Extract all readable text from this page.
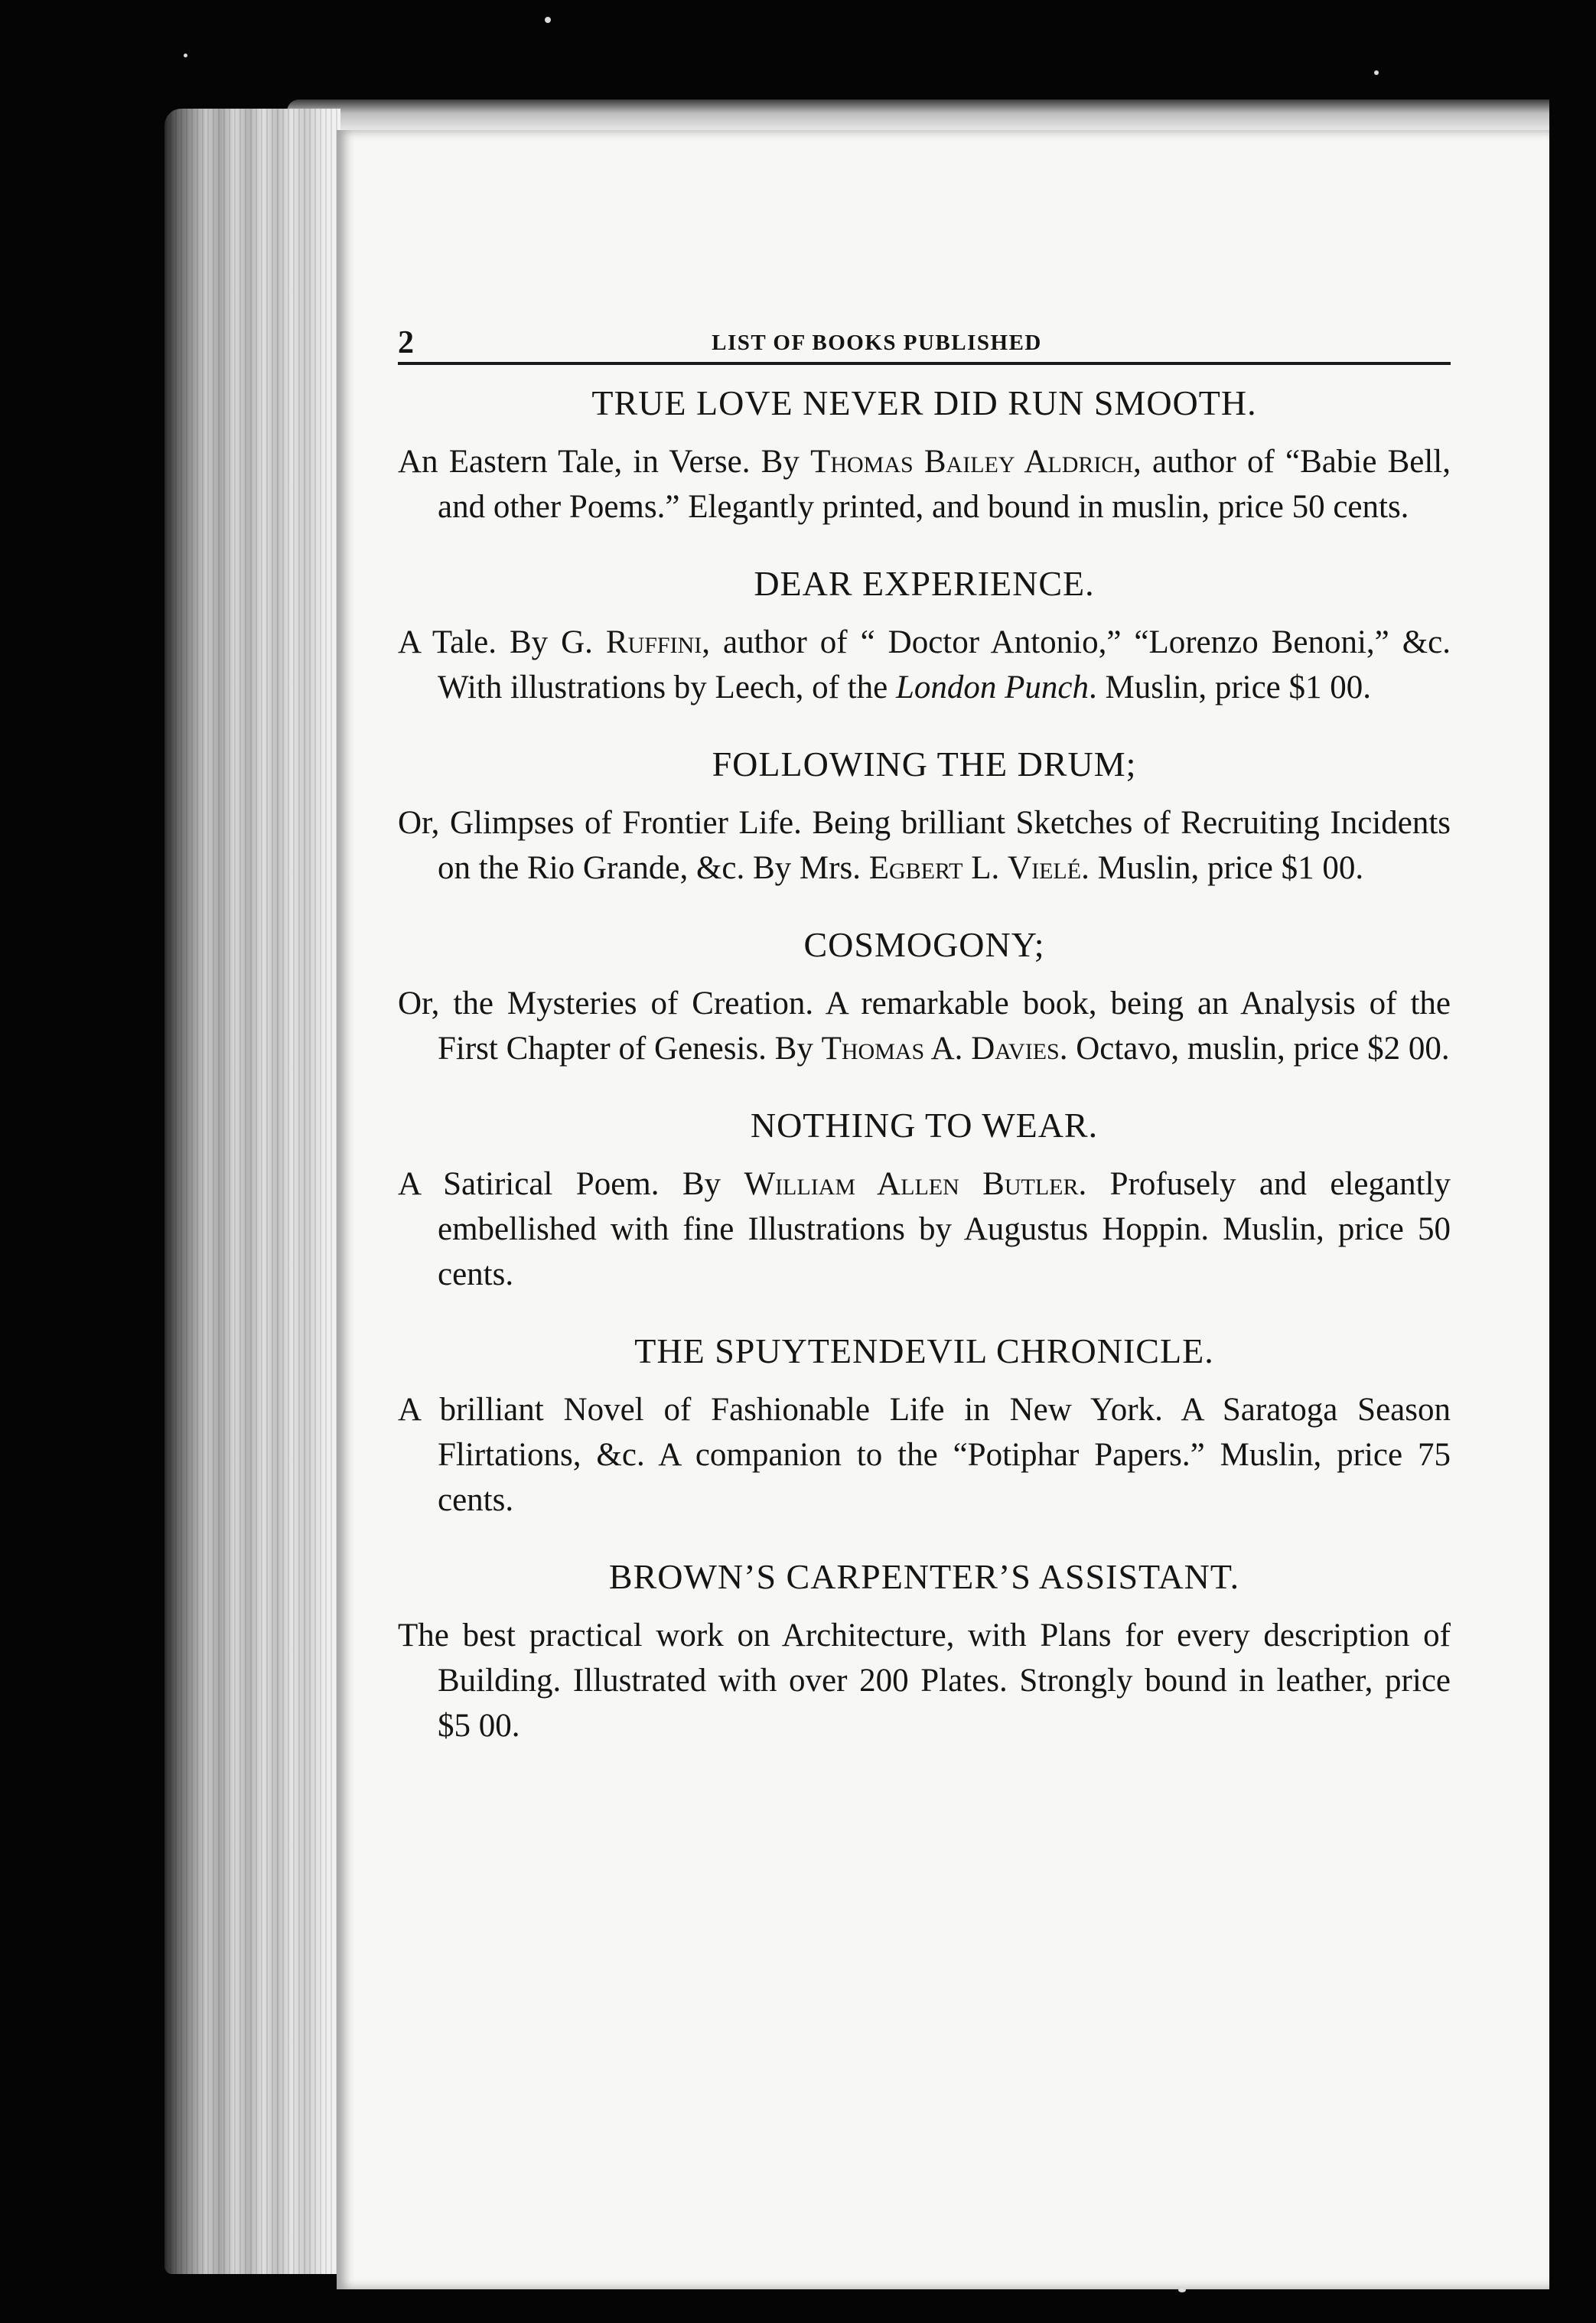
2	LIST OF BOOKS PUBLISHED
TRUE LOVE NEVER DID RUN SMOOTH.

An Eastern Tale, in Verse. By Thomas Bailey Aldrich, author of “Babie Bell, and other Poems.” Elegantly printed, and bound in muslin, price 50 cents.

DEAR EXPERIENCE.

A Tale. By G. Ruffini, author of “ Doctor Antonio,” “Lorenzo Benoni,” &c. With illustrations by Leech, of the London Punch. Muslin, price $1 00.

FOLLOWING THE DRUM;

Or, Glimpses of Frontier Life. Being brilliant Sketches of Recruiting Incidents on the Rio Grande, &c. By Mrs. Egbert L. Vielé. Muslin, price $1 00.

COSMOGONY;

Or, the Mysteries of Creation. A remarkable book, being an Analysis of the First Chapter of Genesis. By Thomas A. Davies. Octavo, muslin, price $2 00.

NOTHING TO WEAR.

A Satirical Poem. By William Allen Butler. Profusely and elegantly embellished with fine Illustrations by Augustus Hoppin. Muslin, price 50 cents.

THE SPUYTENDEVIL CHRONICLE.

A brilliant Novel of Fashionable Life in New York. A Saratoga Season Flirtations, &c. A companion to the “Potiphar Papers.” Muslin, price 75 cents.

BROWN’S CARPENTER’S ASSISTANT.

The best practical work on Architecture, with Plans for every description of Building. Illustrated with over 200 Plates. Strongly bound in leather, price $5 00.
